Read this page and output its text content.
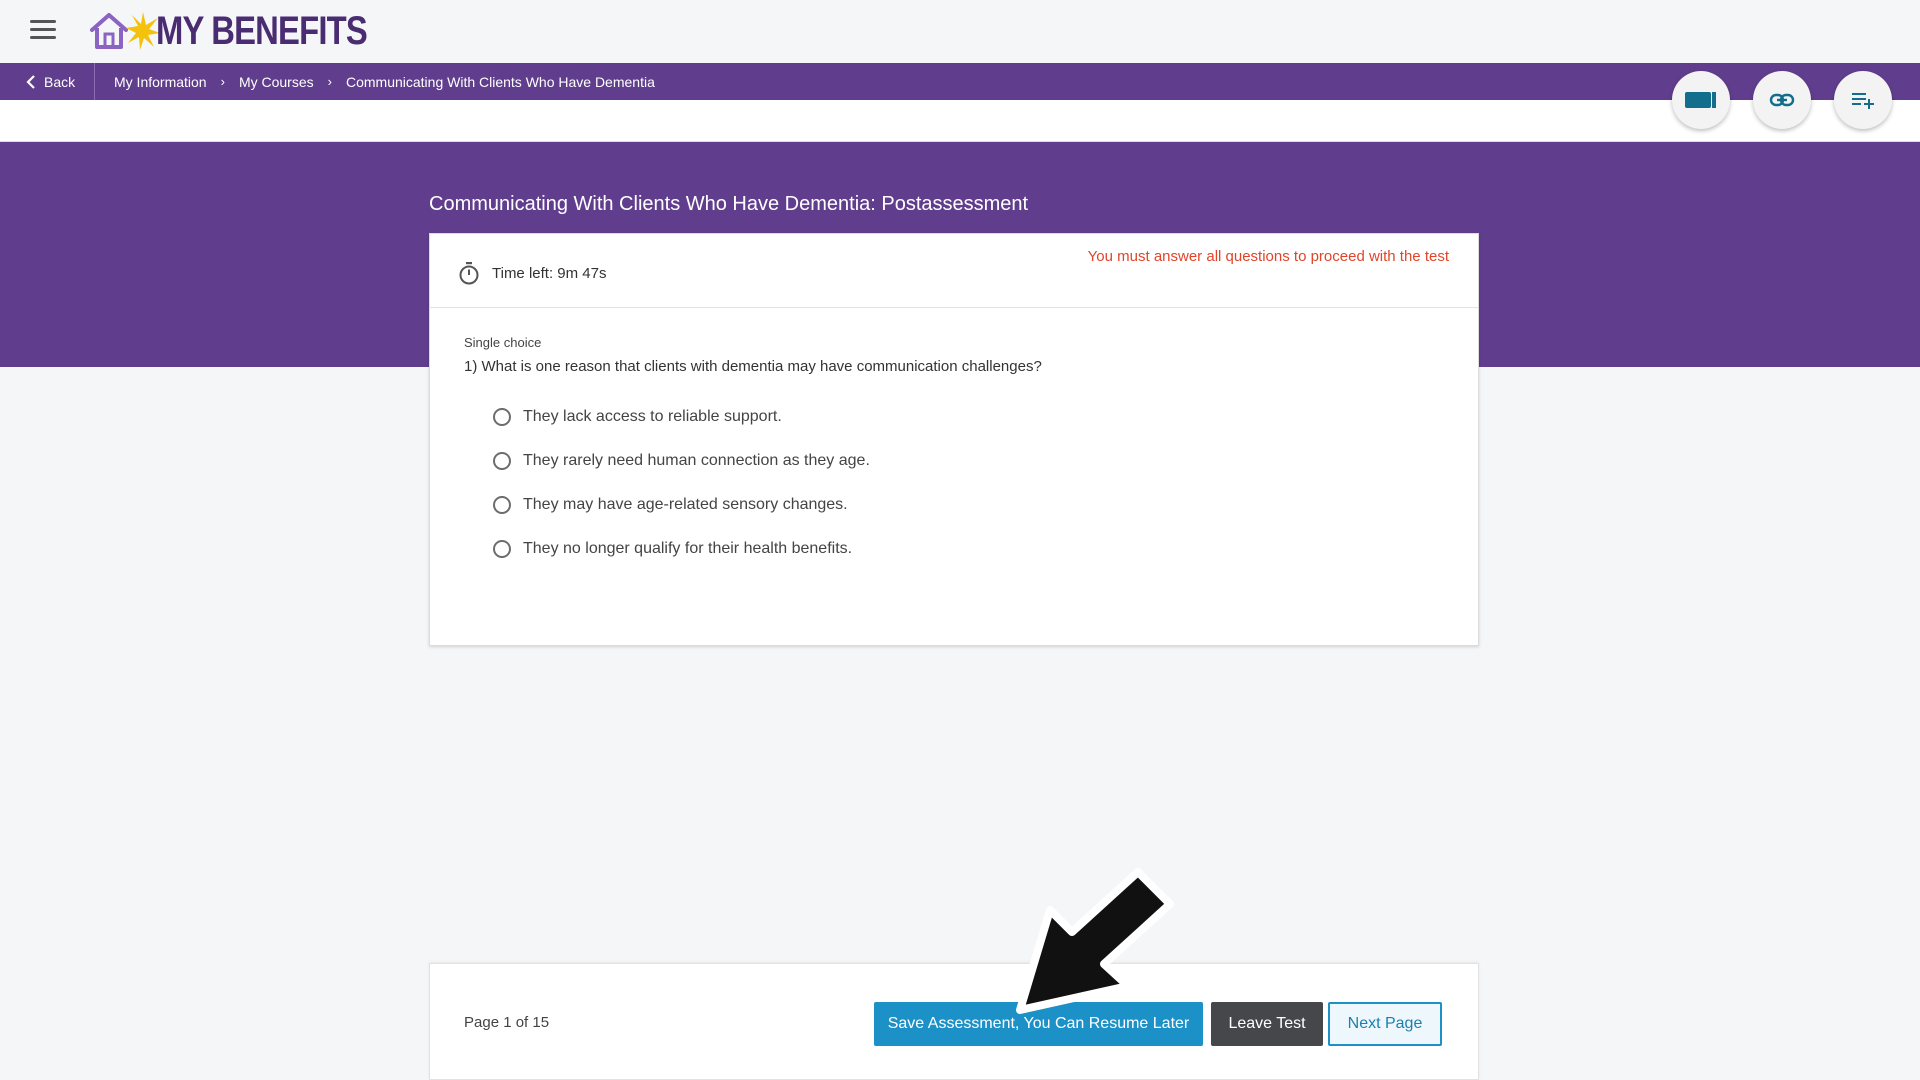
MY BENEFITS
Back	My Information › My Courses › Communicating With Clients Who Have Dementia
Communicating With Clients Who Have Dementia: Postassessment
Time left: 9m 47s
You must answer all questions to proceed with the test
Single choice
1) What is one reason that clients with dementia may have communication challenges?
They lack access to reliable support.
They rarely need human connection as they age.
They may have age-related sensory changes.
They no longer qualify for their health benefits.
Page 1 of 15	Save Assessment, You Can Resume Later	Leave Test	Next Page
